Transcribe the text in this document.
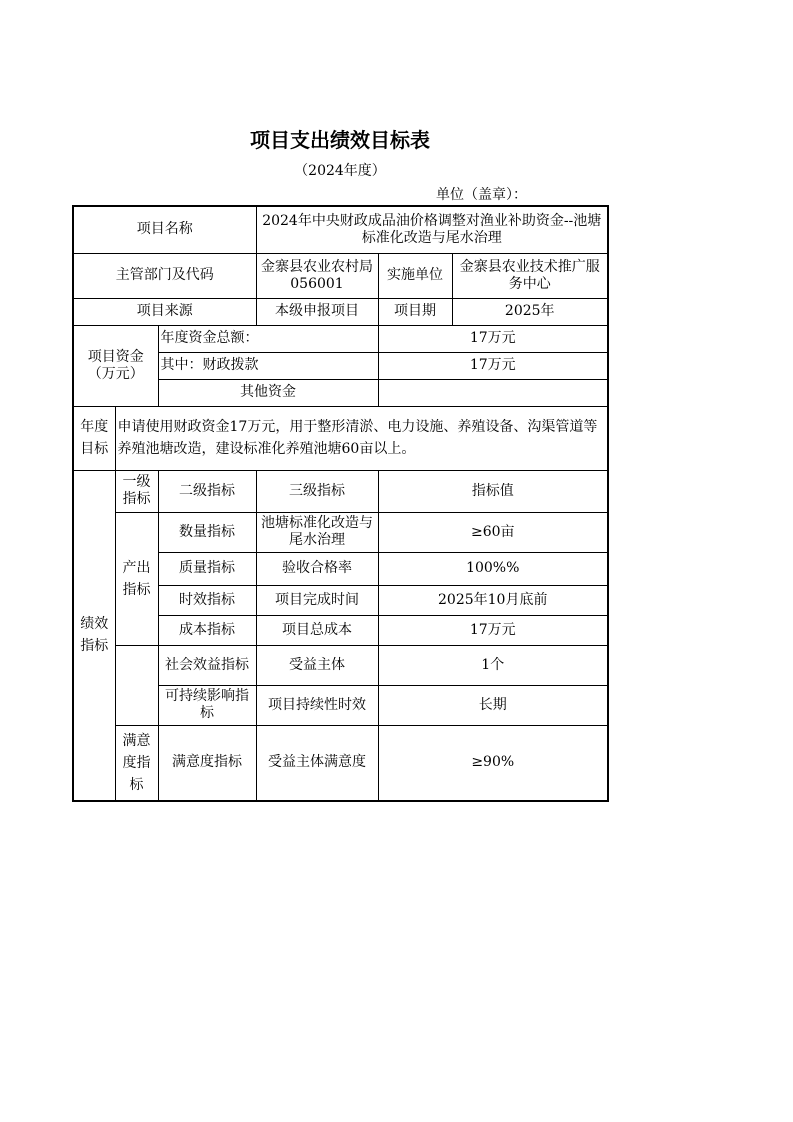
项目支出绩效目标表
（2024年度）
单位（盖章）：
项目名称			2024年中央财政成品油价格调整对渔业补助资金--池塘标准化改造与尾水治理		
主管部门及代码			金寨县农业农村局056001	实施单位	金寨县农业技术推广服务中心
项目来源			本级申报项目	项目期	2025年
项目资金（万元）		年度资金总额：		17万元	
		其中：财政拨款		17万元	
		其他资金			
年度目标	申请使用财政资金17万元，用于整形清淤、电力设施、养殖设备、沟渠管道等养殖池塘改造，建设标准化养殖池塘60亩以上。				
绩效指标	一级指标	二级指标	三级指标	指标值	
	产出指标	数量指标	池塘标准化改造与尾水治理	≥60亩	
		质量指标	验收合格率	100%%	
		时效指标	项目完成时间	2025年10月底前	
		成本指标	项目总成本	17万元	
		社会效益指标	受益主体	1个	
		可持续影响指标	项目持续性时效	长期	
	满意度指标	满意度指标	受益主体满意度	≥90%	
